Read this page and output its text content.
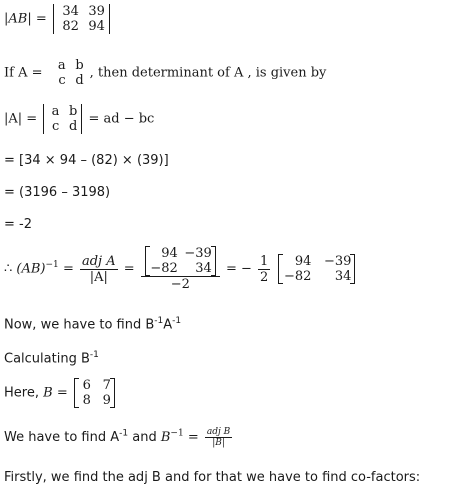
|AB| = 34 39
82 94
If A =	a b
c d , then determinant of A , is given by
|A| = a b
c d = ad − bc
= [34 × 94 – (82) × (39)]
= (3196 – 3198)
= -2
∴ $(AB)^{-1} = \frac{\text{adj A}}{|A|} = 94 -39$
−82	34
−2 = − $\frac{1}{2}$
	94 −39
−82	34
Now, we have to find $B^{-1}A^{-1}$
Calculating $B^{-1}$
Here, B = 6 7
8 9
We have to find $A^{-1}$ and $B^{-1} = \frac{\text{adj B}}{|B|}$
Firstly, we find the adj B and for that we have to find co-factors:
